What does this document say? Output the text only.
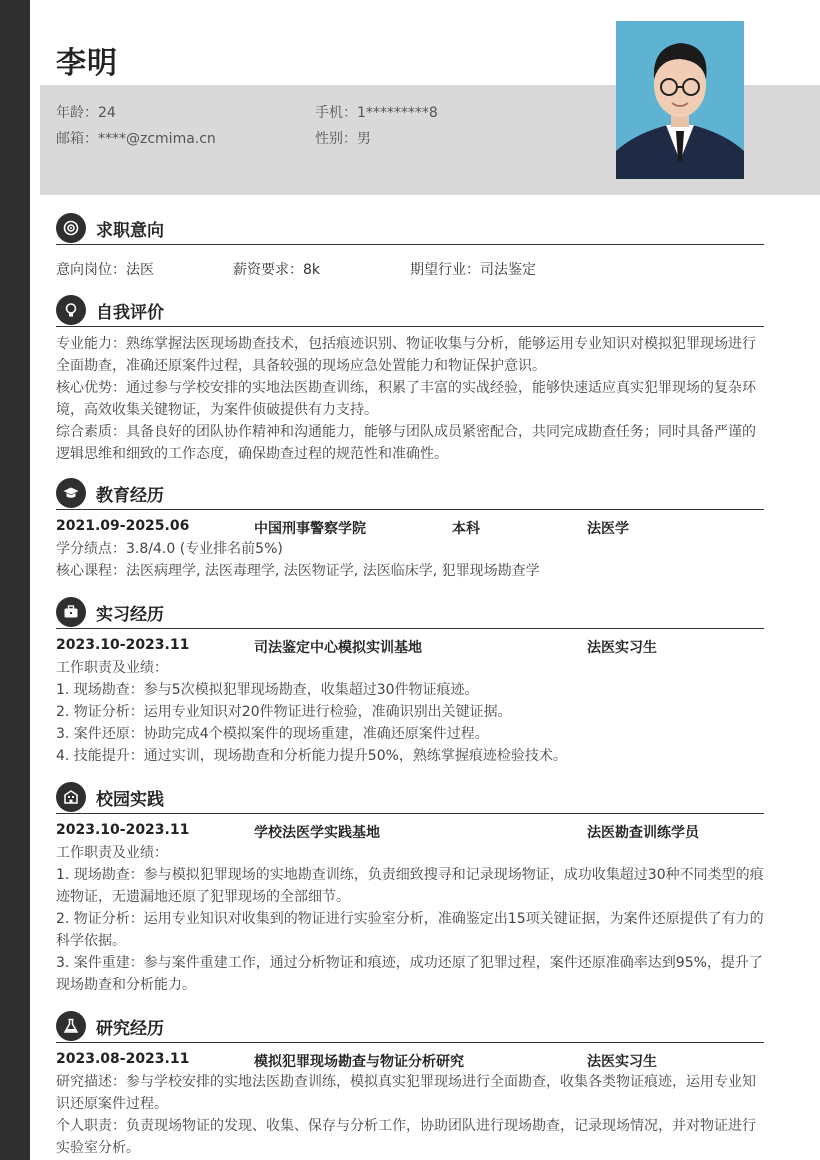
李明
年龄：24	手机：1*********8
邮箱：****@zcmima.cn	性别：男
求职意向
意向岗位：法医	薪资要求：8k	期望行业：司法鉴定
自我评价

专业能力：熟练掌握法医现场勘查技术，包括痕迹识别、物证收集与分析，能够运用专业知识对模拟犯罪现场进行全面勘查，准确还原案件过程，具备较强的现场应急处置能力和物证保护意识。

核心优势：通过参与学校安排的实地法医勘查训练，积累了丰富的实战经验，能够快速适应真实犯罪现场的复杂环境，高效收集关键物证，为案件侦破提供有力支持。

综合素质：具备良好的团队协作精神和沟通能力，能够与团队成员紧密配合，共同完成勘查任务；同时具备严谨的逻辑思维和细致的工作态度，确保勘查过程的规范性和准确性。

教育经历
2021.09-2025.06	中国刑事警察学院	本科	法医学

学分绩点：3.8/4.0 (专业排名前5%)

核心课程：法医病理学, 法医毒理学, 法医物证学, 法医临床学, 犯罪现场勘查学

实习经历
2023.10-2023.11	司法鉴定中心模拟实训基地	法医实习生

工作职责及业绩：

1. 现场勘查：参与5次模拟犯罪现场勘查，收集超过30件物证痕迹。

2. 物证分析：运用专业知识对20件物证进行检验，准确识别出关键证据。

3. 案件还原：协助完成4个模拟案件的现场重建，准确还原案件过程。

4. 技能提升：通过实训，现场勘查和分析能力提升50%，熟练掌握痕迹检验技术。

校园实践
2023.10-2023.11	学校法医学实践基地	法医勘查训练学员

工作职责及业绩：

1. 现场勘查：参与模拟犯罪现场的实地勘查训练，负责细致搜寻和记录现场物证，成功收集超过30种不同类型的痕迹物证，无遗漏地还原了犯罪现场的全部细节。

2. 物证分析：运用专业知识对收集到的物证进行实验室分析，准确鉴定出15项关键证据，为案件还原提供了有力的科学依据。

3. 案件重建：参与案件重建工作，通过分析物证和痕迹，成功还原了犯罪过程，案件还原准确率达到95%，提升了现场勘查和分析能力。

研究经历
2023.08-2023.11	模拟犯罪现场勘查与物证分析研究	法医实习生

研究描述：参与学校安排的实地法医勘查训练，模拟真实犯罪现场进行全面勘查，收集各类物证痕迹，运用专业知识还原案件过程。

个人职责：负责现场物证的发现、收集、保存与分析工作，协助团队进行现场勘查，记录现场情况，并对物证进行实验室分析。
